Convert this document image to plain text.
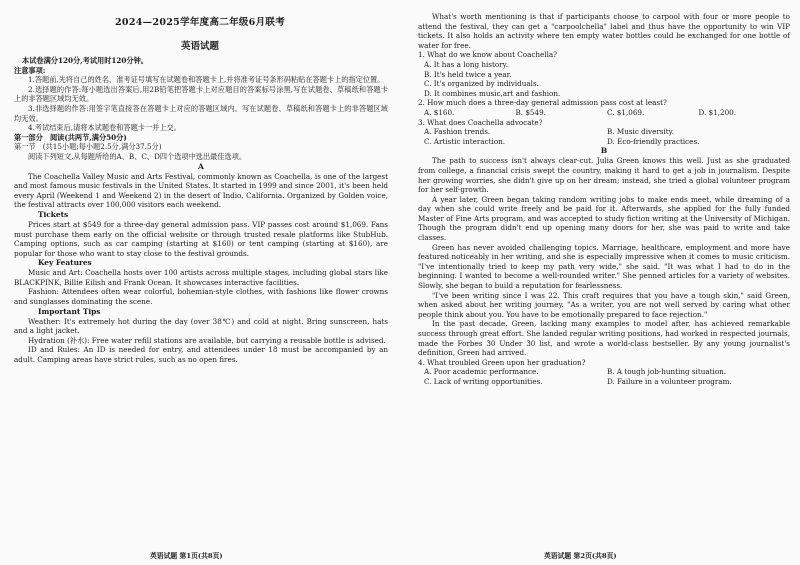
2024—2025学年度高二年级6月联考
英语试题

本试卷满分120分,考试用时120分钟。

注意事项:

1.答题前,先将自己的姓名、准考证号填写在试题卷和答题卡上,并将准考证号条形码粘贴在答题卡上的指定位置。

2.选择题的作答:每小题选出答案后,用2B铅笔把答题卡上对应题目的答案标号涂黑,写在试题卷、草稿纸和答题卡上的非答题区域均无效。

3.非选择题的作答:用签字笔直接答在答题卡上对应的答题区域内。写在试题卷、草稿纸和答题卡上的非答题区域均无效。

4.考试结束后,请将本试题卷和答题卡一并上交。

第一部分　阅读(共两节,满分50分)

第一节　(共15小题;每小题2.5分,满分37.5分)

阅读下列短文,从每题所给的A、B、C、D四个选项中选出最佳选项。

A

The Coachella Valley Music and Arts Festival, commonly known as Coachella, is one of the largest and most famous music festivals in the United States. It started in 1999 and since 2001, it's been held every April (Weekend 1 and Weekend 2) in the desert of Indio, California. Organized by Golden voice, the festival attracts over 100,000 visitors each weekend.

Tickets

Prices start at $549 for a three-day general admission pass. VIP passes cost around $1,069. Fans must purchase them early on the official website or through trusted resale platforms like StubHub. Camping options, such as car camping (starting at $160) or tent camping (starting at $160), are popular for those who want to stay close to the festival grounds.

Key Features

Music and Art: Coachella hosts over 100 artists across multiple stages, including global stars like BLACKPINK, Billie Eilish and Frank Ocean. It showcases interactive facilities.

Fashion: Attendees often wear colorful, bohemian-style clothes, with fashions like flower crowns and sunglasses dominating the scene.

Important Tips

Weather: It's extremely hot during the day (over 38℃) and cold at night. Bring sunscreen, hats and a light jacket.

Hydration (补水): Free water refill stations are available, but carrying a reusable bottle is advised.

ID and Rules: An ID is needed for entry, and attendees under 18 must be accompanied by an adult. Camping areas have strict rules, such as no open fires.

英语试题 第1页(共8页)

What's worth mentioning is that if participants choose to carpool with four or more people to attend the festival, they can get a "carpoolchella" label and thus have the opportunity to win VIP tickets. It also holds an activity where ten empty water bottles could be exchanged for one bottle of water for free.

1. What do we know about Coachella?

A. It has a long history.

B. It's held twice a year.

C. It's organized by individuals.

D. It combines music,art and fashion.

2. How much does a three-day general admission pass cost at least?

A. $160.	B. $549.	C. $1,069.	D. $1,200.

3. What does Coachella advocate?

A. Fashion trends.	B. Music diversity.
C. Artistic interaction.	D. Eco-friendly practices.

B

The path to success isn't always clear-cut. Julia Green knows this well. Just as she graduated from college, a financial crisis swept the country, making it hard to get a job in journalism. Despite her growing worries, she didn't give up on her dream; instead, she tried a global volunteer program for her self-growth.

A year later, Green began taking random writing jobs to make ends meet, while dreaming of a day when she could write freely and be paid for it. Afterwards, she applied for the fully funded Master of Fine Arts program, and was accepted to study fiction writing at the University of Michigan. Though the program didn't end up opening many doors for her, she was paid to write and take classes.

Green has never avoided challenging topics. Marriage, healthcare, employment and more have featured noticeably in her writing, and she is especially impressive when it comes to music criticism. "I've intentionally tried to keep my path very wide," she said. "It was what I had to do in the beginning. I wanted to become a well-rounded writer." She penned articles for a variety of websites. Slowly, she began to build a reputation for fearlessness.

"I've been writing since I was 22. This craft requires that you have a tough skin," said Green, when asked about her writing journey. "As a writer, you are not well served by caring what other people think about you. You have to be emotionally prepared to face rejection."

In the past decade, Green, lacking many examples to model after, has achieved remarkable success through great effort. She landed regular writing positions, had worked in respected journals, made the Forbes 30 Under 30 list, and wrote a world-class bestseller. By any young journalist's definition, Green had arrived.

4. What troubled Green upon her graduation?

A. Poor academic performance.	B. A tough job-hunting situation.
C. Lack of writing opportunities.	D. Failure in a volunteer program.
英语试题 第2页(共8页)
